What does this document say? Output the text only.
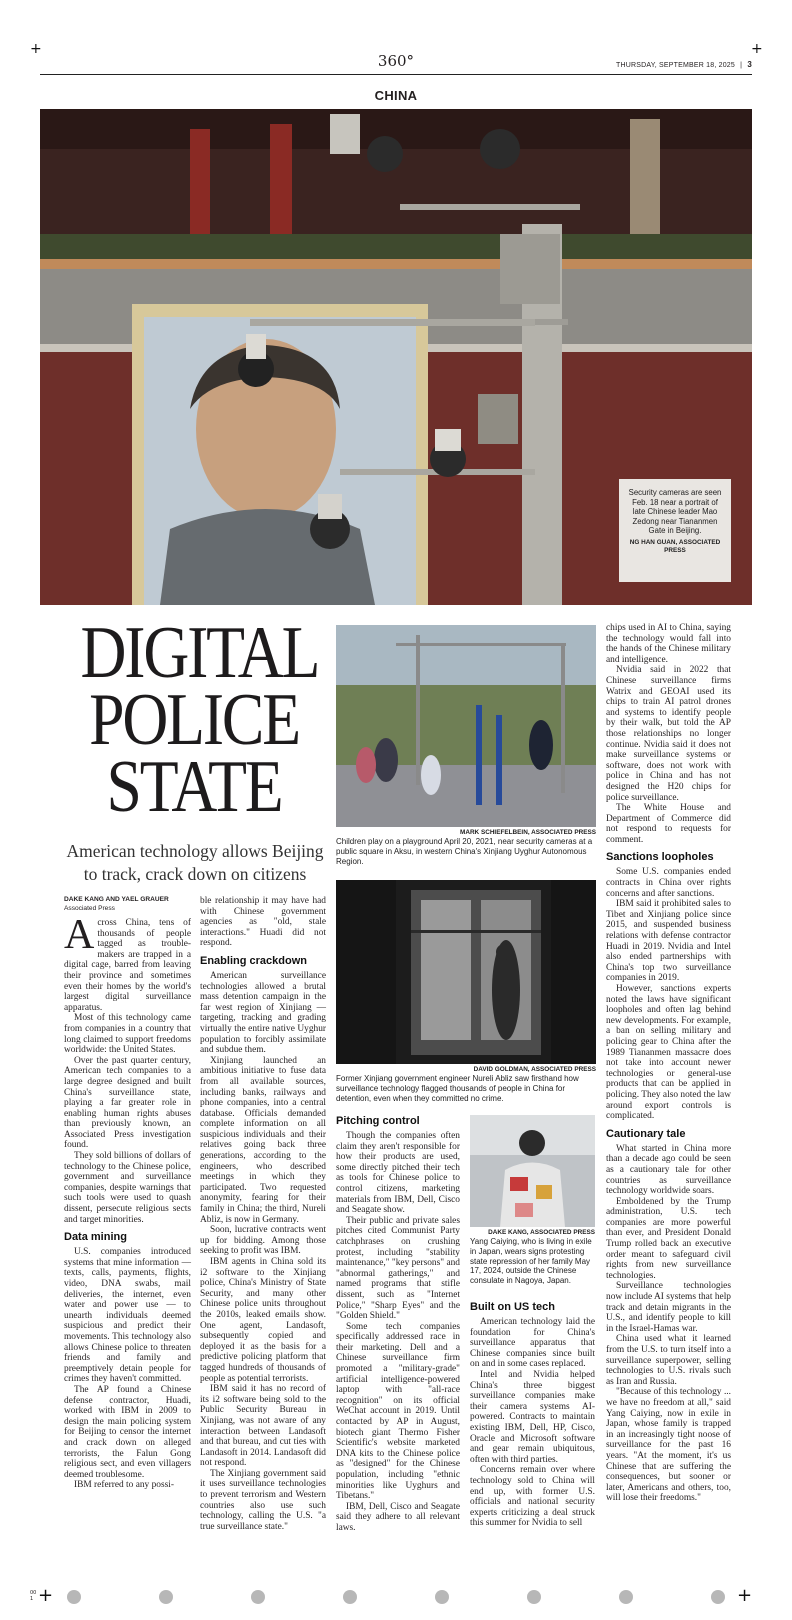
+	+
360°	THURSDAY, SEPTEMBER 18, 2025 | 3
CHINA
Security cameras are seen Feb. 18 near a portrait of late Chinese leader Mao Zedong near Tiananmen Gate in Beijing.
NG HAN GUAN, ASSOCIATED PRESS
DIGITAL
POLICE
STATE
American technology allows Beijing to track, crack down on citizens
DAKE KANG AND YAEL GRAUER
Associated Press

Across China, tens of thousands of people tagged as trouble-makers are trapped in a digital cage, barred from leaving their province and sometimes even their homes by the world's largest digital surveillance apparatus.

Most of this technology came from companies in a country that long claimed to support freedoms worldwide: the United States.

Over the past quarter century, American tech companies to a large degree designed and built China's surveillance state, playing a far greater role in enabling human rights abuses than previously known, an Associated Press investigation found.

They sold billions of dollars of technology to the Chinese police, government and surveillance companies, despite warnings that such tools were used to quash dissent, persecute religious sects and target minorities.

Data mining

U.S. companies introduced systems that mine information — texts, calls, payments, flights, video, DNA swabs, mail deliveries, the internet, even water and power use — to unearth individuals deemed suspicious and predict their movements. This technology also allows Chinese police to threaten friends and family and preemptively detain people for crimes they haven't committed.

The AP found a Chinese defense contractor, Huadi, worked with IBM in 2009 to design the main policing system for Beijing to censor the internet and crack down on alleged terrorists, the Falun Gong religious sect, and even villagers deemed troublesome.

IBM referred to any possi-

ble relationship it may have had with Chinese government agencies as "old, stale interactions." Huadi did not respond.

Enabling crackdown

American surveillance technologies allowed a brutal mass detention campaign in the far west region of Xinjiang — targeting, tracking and grading virtually the entire native Uyghur population to forcibly assimilate and subdue them.

Xinjiang launched an ambitious initiative to fuse data from all available sources, including banks, railways and phone companies, into a central database. Officials demanded complete information on all suspicious individuals and their relatives going back three generations, according to the engineers, who described meetings in which they participated. Two requested anonymity, fearing for their family in China; the third, Nureli Abliz, is now in Germany.

Soon, lucrative contracts went up for bidding. Among those seeking to profit was IBM.

IBM agents in China sold its i2 software to the Xinjiang police, China's Ministry of State Security, and many other Chinese police units throughout the 2010s, leaked emails show. One agent, Landasoft, subsequently copied and deployed it as the basis for a predictive policing platform that tagged hundreds of thousands of people as potential terrorists.

IBM said it has no record of its i2 software being sold to the Public Security Bureau in Xinjiang, was not aware of any interaction between Landasoft and that bureau, and cut ties with Landasoft in 2014. Landasoft did not respond.

The Xinjiang government said it uses surveillance technologies to prevent terrorism and Western countries also use such technology, calling the U.S. "a true surveillance state."

MARK SCHIEFELBEIN, ASSOCIATED PRESS
Children play on a playground April 20, 2021, near security cameras at a public square in Aksu, in western China's Xinjiang Uyghur Autonomous Region.
DAVID GOLDMAN, ASSOCIATED PRESS
Former Xinjiang government engineer Nureli Abliz saw firsthand how surveillance technology flagged thousands of people in China for detention, even when they committed no crime.
Pitching control

Though the companies often claim they aren't responsible for how their products are used, some directly pitched their tech as tools for Chinese police to control citizens, marketing materials from IBM, Dell, Cisco and Seagate show.

Their public and private sales pitches cited Communist Party catchphrases on crushing protest, including "stability maintenance," "key persons" and "abnormal gatherings," and named programs that stifle dissent, such as "Internet Police," "Sharp Eyes" and the "Golden Shield."

Some tech companies specifically addressed race in their marketing. Dell and a Chinese surveillance firm promoted a "military-grade" artificial intelligence-powered laptop with "all-race recognition" on its official WeChat account in 2019. Until contacted by AP in August, biotech giant Thermo Fisher Scientific's website marketed DNA kits to the Chinese police as "designed" for the Chinese population, including "ethnic minorities like Uyghurs and Tibetans."

IBM, Dell, Cisco and Seagate said they adhere to all relevant laws.

DAKE KANG, ASSOCIATED PRESS
Yang Caiying, who is living in exile in Japan, wears signs protesting state repression of her family May 17, 2024, outside the Chinese consulate in Nagoya, Japan.
Built on US tech

American technology laid the foundation for China's surveillance apparatus that Chinese companies since built on and in some cases replaced.

Intel and Nvidia helped China's three biggest surveillance companies make their camera systems AI-powered. Contracts to maintain existing IBM, Dell, HP, Cisco, Oracle and Microsoft software and gear remain ubiquitous, often with third parties.

Concerns remain over where technology sold to China will end up, with former U.S. officials and national security experts criticizing a deal struck this summer for Nvidia to sell

chips used in AI to China, saying the technology would fall into the hands of the Chinese military and intelligence.

Nvidia said in 2022 that Chinese surveillance firms Watrix and GEOAI used its chips to train AI patrol drones and systems to identify people by their walk, but told the AP those relationships no longer continue. Nvidia said it does not make surveillance systems or software, does not work with police in China and has not designed the H20 chips for police surveillance.

The White House and Department of Commerce did not respond to requests for comment.

Sanctions loopholes

Some U.S. companies ended contracts in China over rights concerns and after sanctions.

IBM said it prohibited sales to Tibet and Xinjiang police since 2015, and suspended business relations with defense contractor Huadi in 2019. Nvidia and Intel also ended partnerships with China's top two surveillance companies in 2019.

However, sanctions experts noted the laws have significant loopholes and often lag behind new developments. For example, a ban on selling military and policing gear to China after the 1989 Tiananmen massacre does not take into account newer technologies or general-use products that can be applied in policing. They also noted the law around export controls is complicated.

Cautionary tale

What started in China more than a decade ago could be seen as a cautionary tale for other countries as surveillance technology worldwide soars.

Emboldened by the Trump administration, U.S. tech companies are more powerful than ever, and President Donald Trump rolled back an executive order meant to safeguard civil rights from new surveillance technologies.

Surveillance technologies now include AI systems that help track and detain migrants in the U.S., and identify people to kill in the Israel-Hamas war.

China used what it learned from the U.S. to turn itself into a surveillance superpower, selling technologies to U.S. rivals such as Iran and Russia.

"Because of this technology ... we have no freedom at all," said Yang Caiying, now in exile in Japan, whose family is trapped in an increasingly tight noose of surveillance for the past 16 years. "At the moment, it's us Chinese that are suffering the consequences, but sooner or later, Americans and others, too, will lose their freedoms."

00 1 +	+
